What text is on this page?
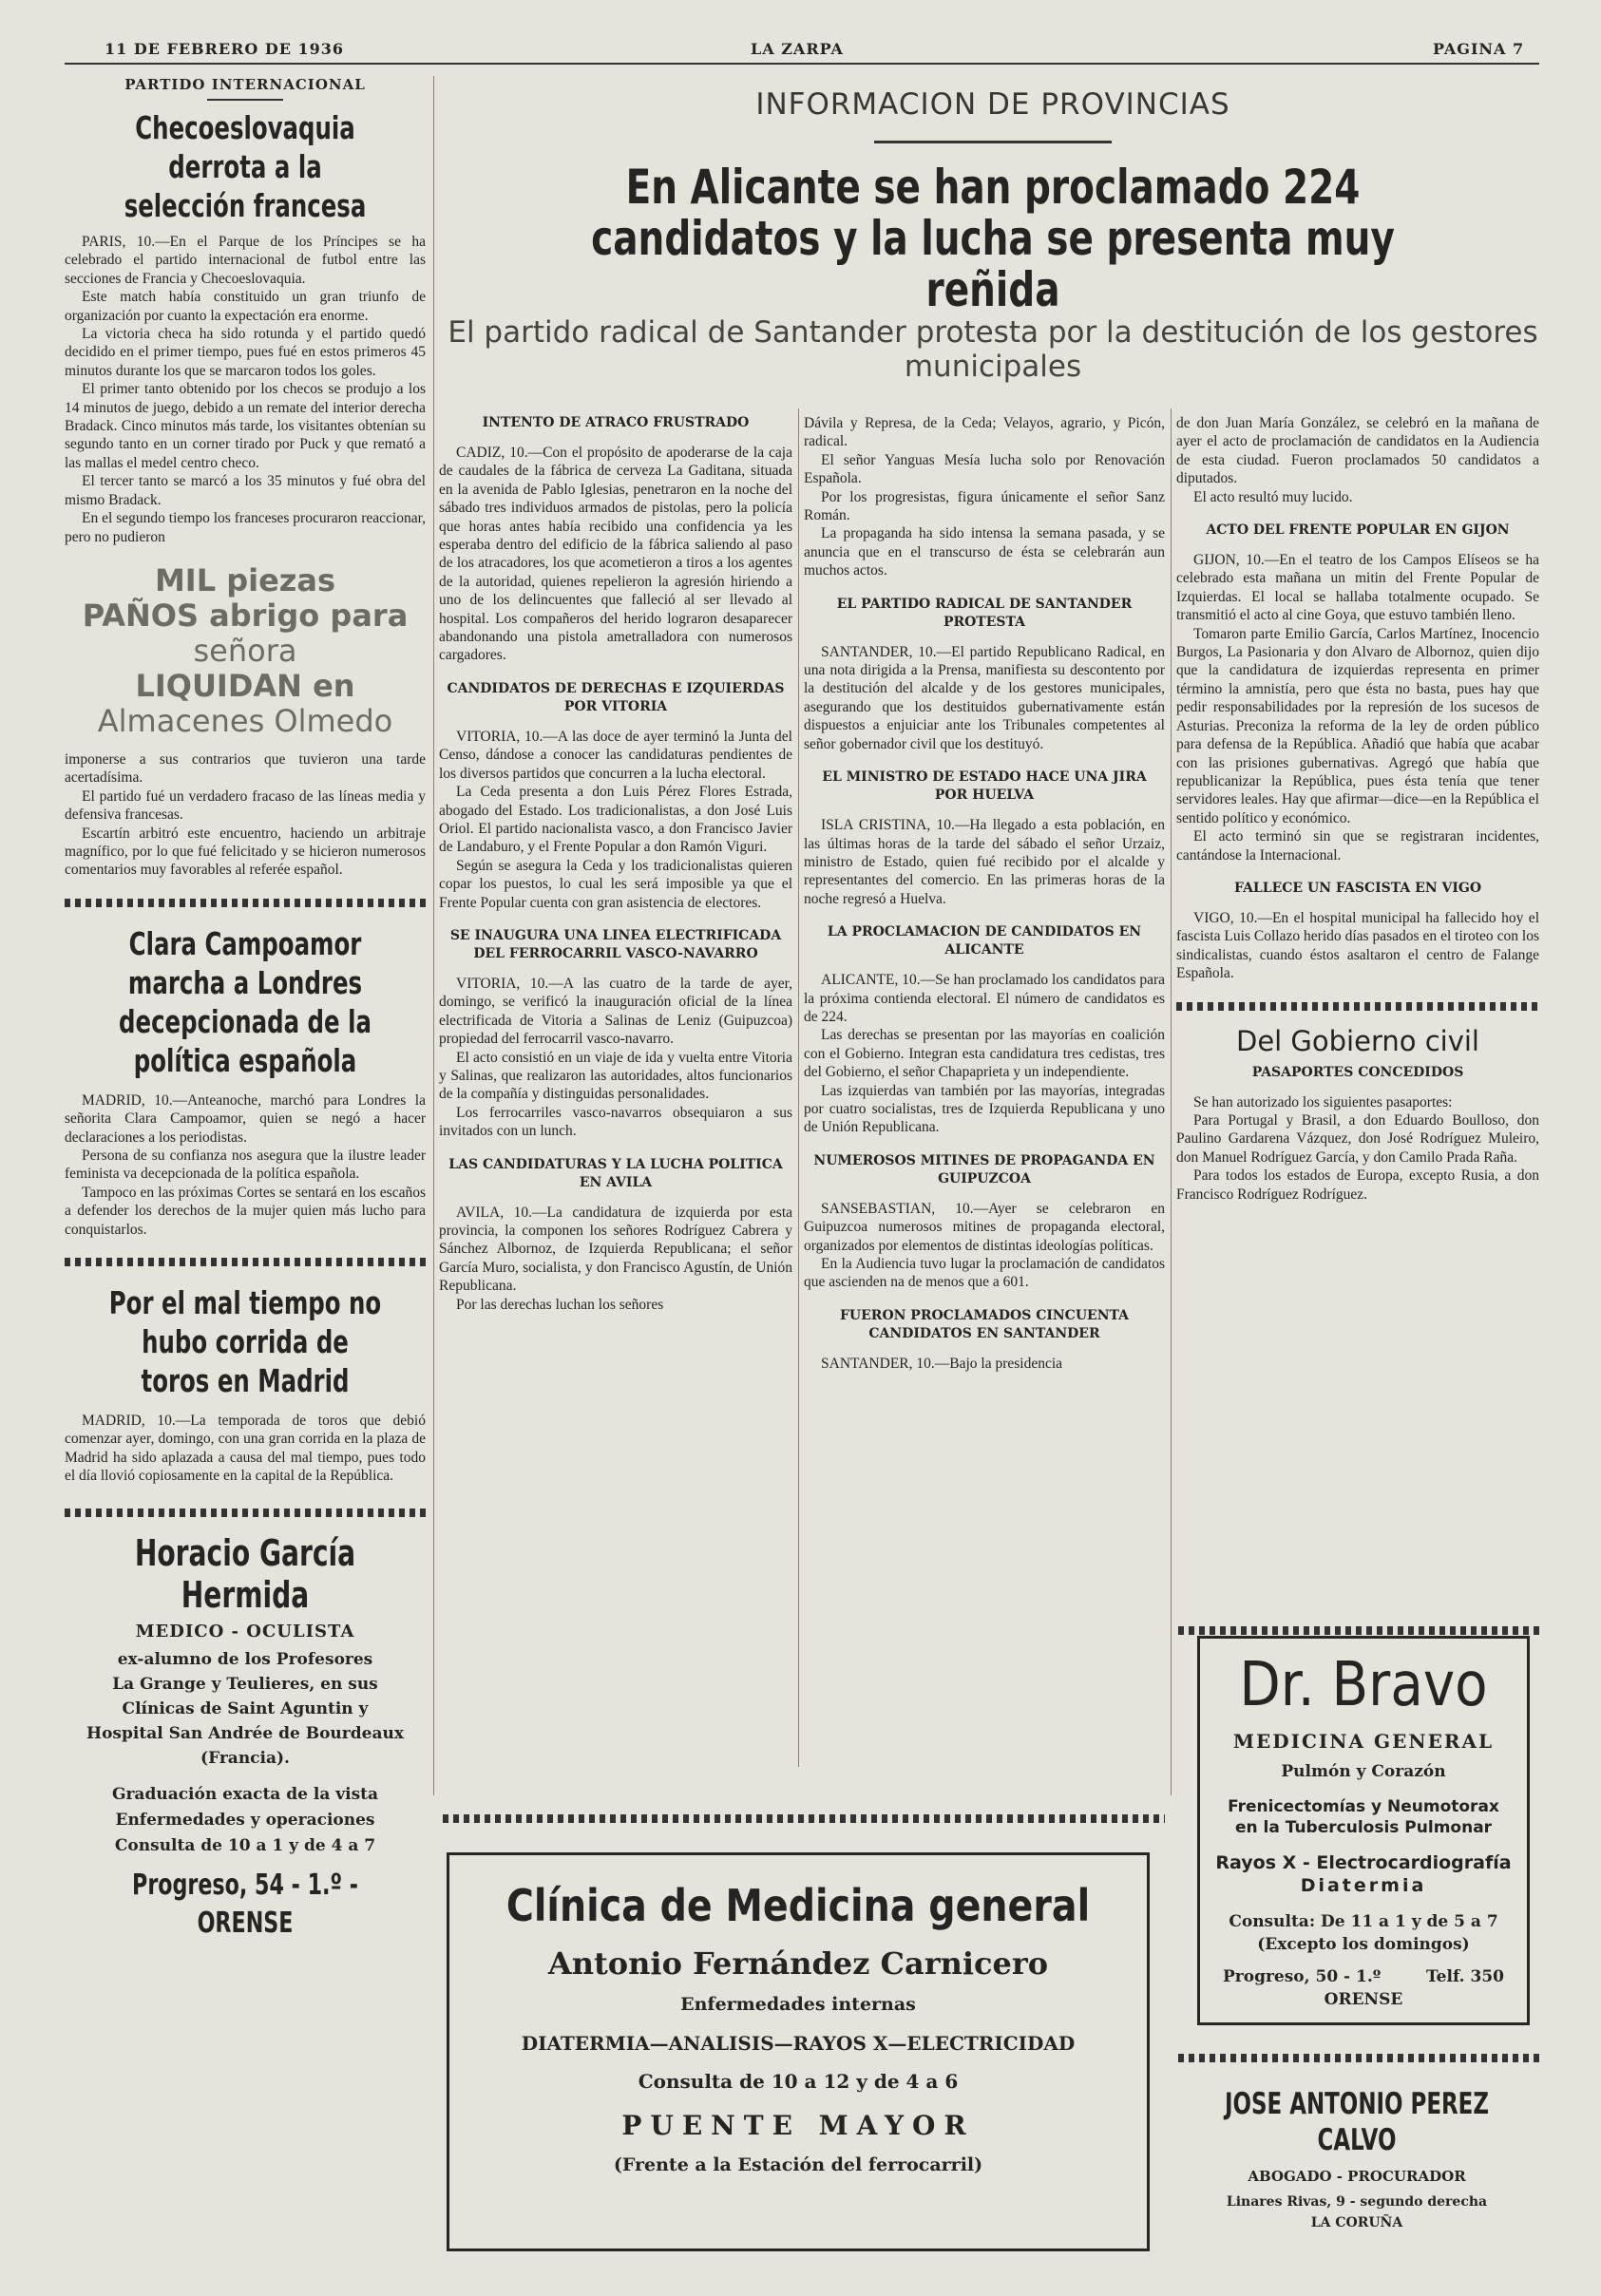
11 DE FEBRERO DE 1936	LA ZARPA	PAGINA 7
PARTIDO INTERNACIONAL
Checoeslovaquia derrota a la selección francesa

PARIS, 10.—En el Parque de los Príncipes se ha celebrado el partido internacional de futbol entre las secciones de Francia y Checoeslovaquia.

Este match había constituido un gran triunfo de organización por cuanto la expectación era enorme.

La victoria checa ha sido rotunda y el partido quedó decidido en el primer tiempo, pues fué en estos primeros 45 minutos durante los que se marcaron todos los goles.

El primer tanto obtenido por los checos se produjo a los 14 minutos de juego, debido a un remate del interior derecha Bradack. Cinco minutos más tarde, los visitantes obtenían su segundo tanto en un corner tirado por Puck y que remató a las mallas el medel centro checo.

El tercer tanto se marcó a los 35 minutos y fué obra del mismo Bradack.

En el segundo tiempo los franceses procuraron reaccionar, pero no pudieron

MIL piezas
PAÑOS abrigo para
señora
LIQUIDAN en
Almacenes Olmedo

imponerse a sus contrarios que tuvieron una tarde acertadísima.

El partido fué un verdadero fracaso de las líneas media y defensiva francesas.

Escartín arbitró este encuentro, haciendo un arbitraje magnífico, por lo que fué felicitado y se hicieron numerosos comentarios muy favorables al referée español.

Clara Campoamor marcha a Londres decepcionada de la política española

MADRID, 10.—Anteanoche, marchó para Londres la señorita Clara Campoamor, quien se negó a hacer declaraciones a los periodistas.

Persona de su confianza nos asegura que la ilustre leader feminista va decepcionada de la política española.

Tampoco en las próximas Cortes se sentará en los escaños a defender los derechos de la mujer quien más lucho para conquistarlos.

Por el mal tiempo no hubo corrida de toros en Madrid

MADRID, 10.—La temporada de toros que debió comenzar ayer, domingo, con una gran corrida en la plaza de Madrid ha sido aplazada a causa del mal tiempo, pues todo el día llovió copiosamente en la capital de la República.

Horacio García Hermida
MEDICO - OCULISTA
ex-alumno de los Profesores
La Grange y Teulieres, en sus
Clínicas de Saint Aguntin y
Hospital San Andrée de Bourdeaux (Francia).
Graduación exacta de la vista
Enfermedades y operaciones
Consulta de 10 a 1 y de 4 a 7
Progreso, 54 - 1.º - ORENSE
INFORMACION DE PROVINCIAS
En Alicante se han proclamado 224 candidatos y la lucha se presenta muy reñida
El partido radical de Santander protesta por la destitución de los gestores municipales
INTENTO DE ATRACO FRUSTRADO

CADIZ, 10.—Con el propósito de apoderarse de la caja de caudales de la fábrica de cerveza La Gaditana, situada en la avenida de Pablo Iglesias, penetraron en la noche del sábado tres individuos armados de pistolas, pero la policía que horas antes había recibido una confidencia ya les esperaba dentro del edificio de la fábrica saliendo al paso de los atracadores, los que acometieron a tiros a los agentes de la autoridad, quienes repelieron la agresión hiriendo a uno de los delincuentes que falleció al ser llevado al hospital. Los compañeros del herido lograron desaparecer abandonando una pistola ametralladora con numerosos cargadores.

CANDIDATOS DE DERECHAS E IZQUIERDAS POR VITORIA

VITORIA, 10.—A las doce de ayer terminó la Junta del Censo, dándose a conocer las candidaturas pendientes de los diversos partidos que concurren a la lucha electoral.

La Ceda presenta a don Luis Pérez Flores Estrada, abogado del Estado. Los tradicionalistas, a don José Luis Oriol. El partido nacionalista vasco, a don Francisco Javier de Landaburo, y el Frente Popular a don Ramón Viguri.

Según se asegura la Ceda y los tradicionalistas quieren copar los puestos, lo cual les será imposible ya que el Frente Popular cuenta con gran asistencia de electores.

SE INAUGURA UNA LINEA ELECTRIFICADA DEL FERROCARRIL VASCO-NAVARRO

VITORIA, 10.—A las cuatro de la tarde de ayer, domingo, se verificó la inauguración oficial de la línea electrificada de Vitoria a Salinas de Leniz (Guipuzcoa) propiedad del ferrocarril vasco-navarro.

El acto consistió en un viaje de ida y vuelta entre Vitoria y Salinas, que realizaron las autoridades, altos funcionarios de la compañía y distinguidas personalidades.

Los ferrocarriles vasco-navarros obsequiaron a sus invitados con un lunch.

LAS CANDIDATURAS Y LA LUCHA POLITICA EN AVILA

AVILA, 10.—La candidatura de izquierda por esta provincia, la componen los señores Rodríguez Cabrera y Sánchez Albornoz, de Izquierda Republicana; el señor García Muro, socialista, y don Francisco Agustín, de Unión Republicana.

Por las derechas luchan los señores

Dávila y Represa, de la Ceda; Velayos, agrario, y Picón, radical.

El señor Yanguas Mesía lucha solo por Renovación Española.

Por los progresistas, figura únicamente el señor Sanz Román.

La propaganda ha sido intensa la semana pasada, y se anuncia que en el transcurso de ésta se celebrarán aun muchos actos.

EL PARTIDO RADICAL DE SANTANDER PROTESTA

SANTANDER, 10.—El partido Republicano Radical, en una nota dirigida a la Prensa, manifiesta su descontento por la destitución del alcalde y de los gestores municipales, asegurando que los destituidos gubernativamente están dispuestos a enjuiciar ante los Tribunales competentes al señor gobernador civil que los destituyó.

EL MINISTRO DE ESTADO HACE UNA JIRA POR HUELVA

ISLA CRISTINA, 10.—Ha llegado a esta población, en las últimas horas de la tarde del sábado el señor Urzaiz, ministro de Estado, quien fué recibido por el alcalde y representantes del comercio. En las primeras horas de la noche regresó a Huelva.

LA PROCLAMACION DE CANDIDATOS EN ALICANTE

ALICANTE, 10.—Se han proclamado los candidatos para la próxima contienda electoral. El número de candidatos es de 224.

Las derechas se presentan por las mayorías en coalición con el Gobierno. Integran esta candidatura tres cedistas, tres del Gobierno, el señor Chapaprieta y un independiente.

Las izquierdas van también por las mayorías, integradas por cuatro socialistas, tres de Izquierda Republicana y uno de Unión Republicana.

NUMEROSOS MITINES DE PROPAGANDA EN GUIPUZCOA

SANSEBASTIAN, 10.—Ayer se celebraron en Guipuzcoa numerosos mitines de propaganda electoral, organizados por elementos de distintas ideologías políticas.

En la Audiencia tuvo lugar la proclamación de candidatos que ascienden na de menos que a 601.

FUERON PROCLAMADOS CINCUENTA CANDIDATOS EN SANTANDER

SANTANDER, 10.—Bajo la presidencia

de don Juan María González, se celebró en la mañana de ayer el acto de proclamación de candidatos en la Audiencia de esta ciudad. Fueron proclamados 50 candidatos a diputados.

El acto resultó muy lucido.

ACTO DEL FRENTE POPULAR EN GIJON

GIJON, 10.—En el teatro de los Campos Elíseos se ha celebrado esta mañana un mitin del Frente Popular de Izquierdas. El local se hallaba totalmente ocupado. Se transmitió el acto al cine Goya, que estuvo también lleno.

Tomaron parte Emilio García, Carlos Martínez, Inocencio Burgos, La Pasionaria y don Alvaro de Albornoz, quien dijo que la candidatura de izquierdas representa en primer término la amnistía, pero que ésta no basta, pues hay que pedir responsabilidades por la represión de los sucesos de Asturias. Preconiza la reforma de la ley de orden público para defensa de la República. Añadió que había que acabar con las prisiones gubernativas. Agregó que había que republicanizar la República, pues ésta tenía que tener servidores leales. Hay que afirmar—dice—en la República el sentido político y económico.

El acto terminó sin que se registraran incidentes, cantándose la Internacional.

FALLECE UN FASCISTA EN VIGO

VIGO, 10.—En el hospital municipal ha fallecido hoy el fascista Luis Collazo herido días pasados en el tiroteo con los sindicalistas, cuando éstos asaltaron el centro de Falange Española.

Del Gobierno civil
PASAPORTES CONCEDIDOS

Se han autorizado los siguientes pasaportes:

Para Portugal y Brasil, a don Eduardo Boulloso, don Paulino Gardarena Vázquez, don José Rodríguez Muleiro, don Manuel Rodríguez García, y don Camilo Prada Raña.

Para todos los estados de Europa, excepto Rusia, a don Francisco Rodríguez Rodríguez.

Clínica de Medicina general
Antonio Fernández Carnicero
Enfermedades internas
DIATERMIA—ANALISIS—RAYOS X—ELECTRICIDAD
Consulta de 10 a 12 y de 4 a 6
PUENTE MAYOR
(Frente a la Estación del ferrocarril)
Dr. Bravo
MEDICINA GENERAL
Pulmón y Corazón
Frenicectomías y Neumotorax
en la Tuberculosis Pulmonar
Rayos X - Electrocardiografía
Diatermia
Consulta: De 11 a 1 y de 5 a 7
(Excepto los domingos)
Progreso, 50 - 1.º	Telf. 350
ORENSE
JOSE ANTONIO PEREZ CALVO
ABOGADO - PROCURADOR
Linares Rivas, 9 - segundo derecha
LA CORUÑA
